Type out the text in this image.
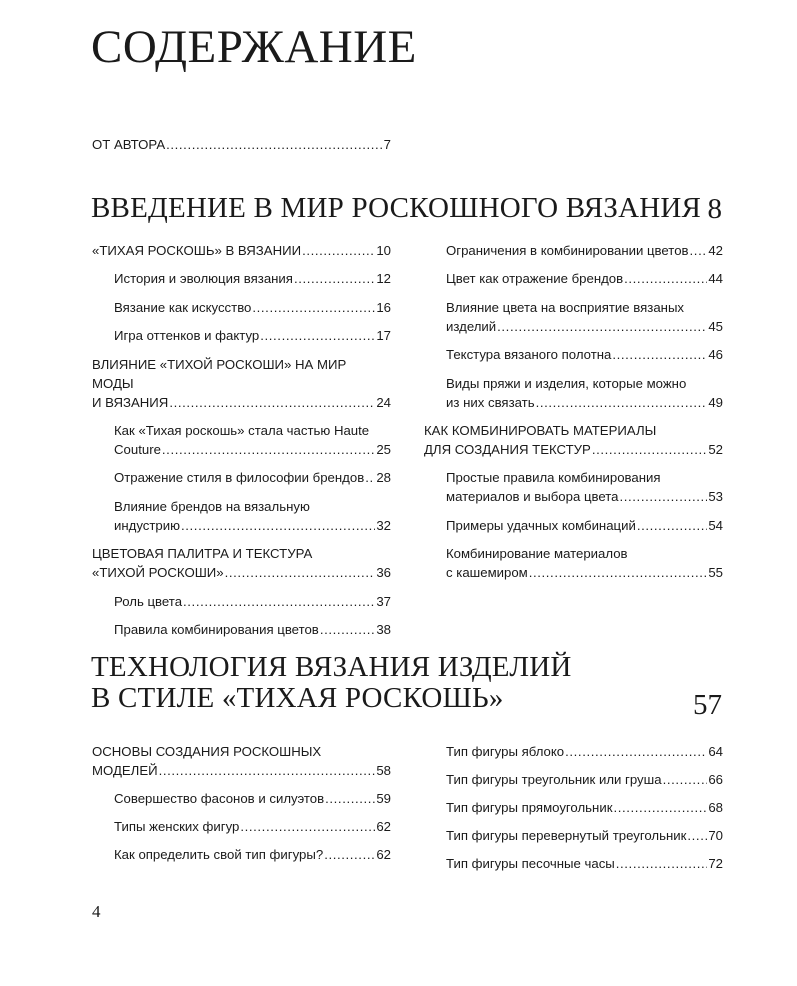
СОДЕРЖАНИЕ
ОТ АВТОРА .....	7
ВВЕДЕНИЕ В МИР РОСКОШНОГО ВЯЗАНИЯ 8
«ТИХАЯ РОСКОШЬ» В ВЯЗАНИИ .....	10
История и эволюция вязания .....	12
Вязание как искусство .....	16
Игра оттенков и фактур .....	17
ВЛИЯНИЕ «ТИХОЙ РОСКОШИ» НА МИР МОДЫ
И ВЯЗАНИЯ .....	24
Как «Тихая роскошь» стала частью Haute
Couture .....	25
Отражение стиля в философии брендов ..... 28
Влияние брендов на вязальную
индустрию .....	32
ЦВЕТОВАЯ ПАЛИТРА И ТЕКСТУРА
«ТИХОЙ РОСКОШИ» .....	36
Роль цвета .....	37
Правила комбинирования цветов .....	38
Ограничения в комбинировании цветов ..... 42
Цвет как отражение брендов .....	44
Влияние цвета на восприятие вязаных
изделий .....	45
Текстура вязаного полотна .....	46
Виды пряжи и изделия, которые можно
из них связать .....	49
КАК КОМБИНИРОВАТЬ МАТЕРИАЛЫ
ДЛЯ СОЗДАНИЯ ТЕКСТУР .....	52
Простые правила комбинирования
материалов и выбора цвета .....	53
Примеры удачных комбинаций .....	54
Комбинирование материалов
с кашемиром .....	55
ТЕХНОЛОГИЯ ВЯЗАНИЯ ИЗДЕЛИЙ
В СТИЛЕ «ТИХАЯ РОСКОШЬ»	57
ОСНОВЫ СОЗДАНИЯ РОСКОШНЫХ
МОДЕЛЕЙ .....	58
Совершество фасонов и силуэтов .....	59
Типы женских фигур .....	62
Как определить свой тип фигуры? .....	62
Тип фигуры яблоко .....	64
Тип фигуры треугольник или груша .....	66
Тип фигуры прямоугольник .....	68
Тип фигуры перевернутый треугольник ..... 70
Тип фигуры песочные часы .....	72
4
